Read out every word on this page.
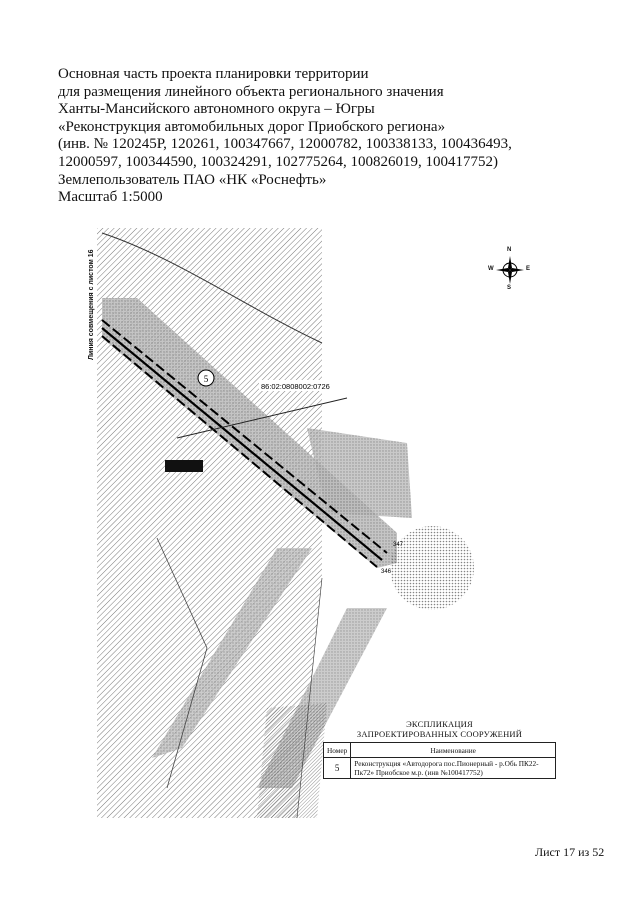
Основная часть проекта планировки территории
для размещения линейного объекта регионального значения
Ханты-Мансийского автономного округа – Югры
«Реконструкция автомобильных дорог Приобского региона»
(инв. № 120245Р, 120261, 100347667, 12000782, 100338133, 100436493,
12000597, 100344590, 100324291, 102775264, 100826019, 100417752)
Землепользователь ПАО «НК «Роснефть»
Масштаб 1:5000
Линия совмещения с листом 16
5
86:02:0808002:0726
347
346
N
S
W	E
ЭКСПЛИКАЦИЯ
ЗАПРОЕКТИРОВАННЫХ СООРУЖЕНИЙ
Номер	Наименование
5	Реконструкция «Автодорога пос.Пионерный - р.Обь ПК22-Пк72» Приобское м.р. (инв №100417752)
Лист 17 из 52
